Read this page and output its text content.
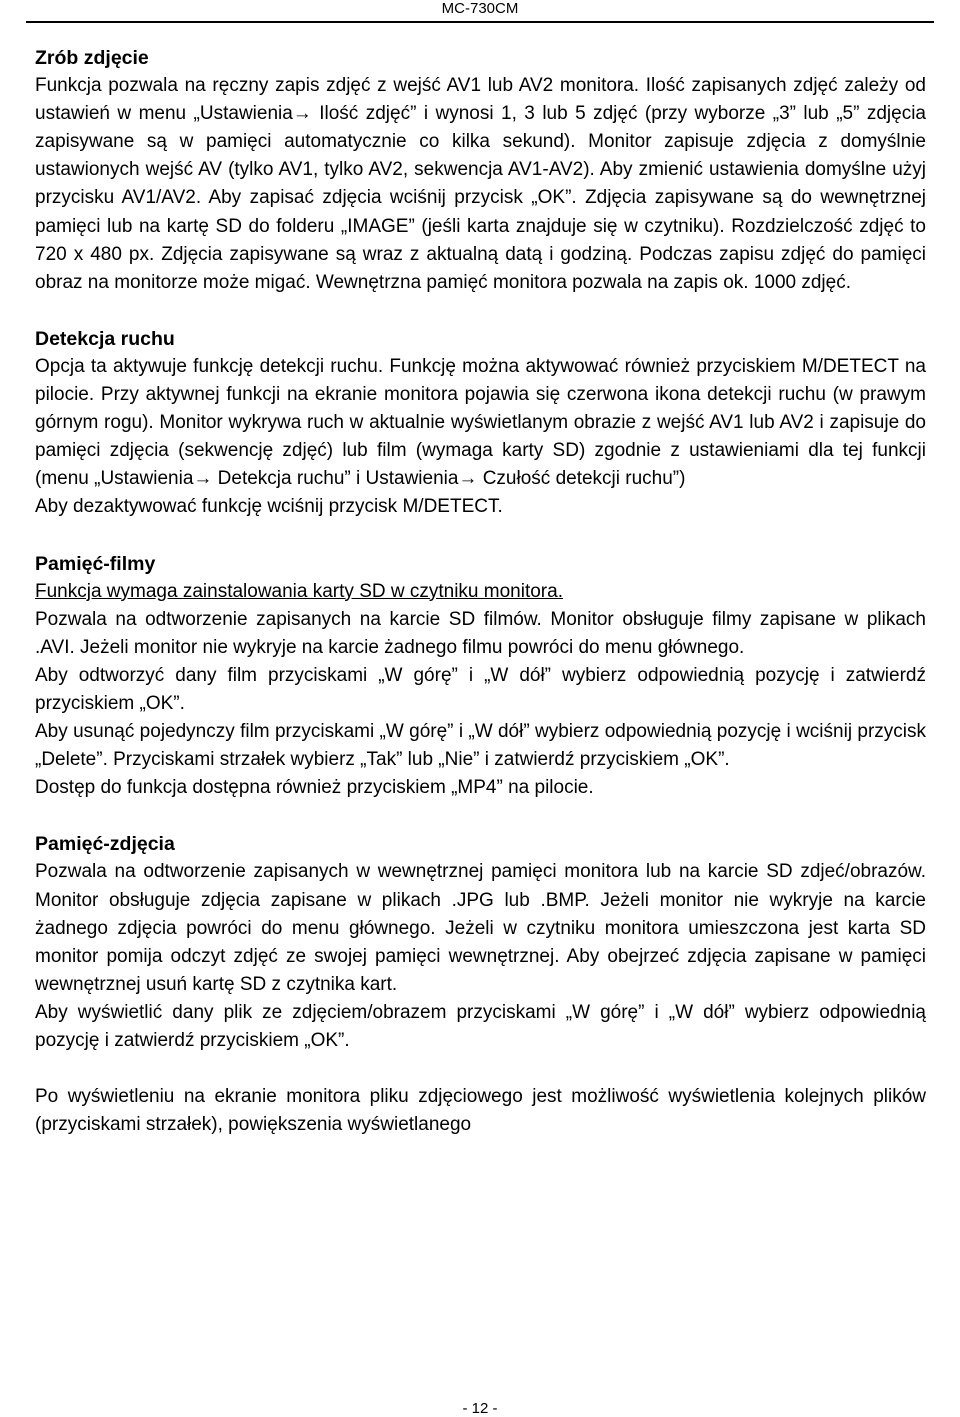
MC-730CM
Zrób zdjęcie
Funkcja pozwala na ręczny zapis zdjęć z wejść AV1 lub AV2 monitora. Ilość zapisanych zdjęć zależy od ustawień w menu „Ustawienia→ Ilość zdjęć” i wynosi 1, 3 lub 5 zdjęć (przy wyborze „3” lub „5” zdjęcia zapisywane są w pamięci automatycznie co kilka sekund). Monitor zapisuje zdjęcia z domyślnie ustawionych wejść AV (tylko AV1, tylko AV2, sekwencja AV1-AV2). Aby zmienić ustawienia domyślne użyj przycisku AV1/AV2. Aby zapisać zdjęcia wciśnij przycisk „OK”. Zdjęcia zapisywane są do wewnętrznej pamięci lub na kartę SD do folderu „IMAGE” (jeśli karta znajduje się w czytniku). Rozdzielczość zdjęć to 720 x 480 px. Zdjęcia zapisywane są wraz z aktualną datą i godziną. Podczas zapisu zdjęć do pamięci obraz na monitorze może migać. Wewnętrzna pamięć monitora pozwala na zapis ok. 1000 zdjęć.
Detekcja ruchu
Opcja ta aktywuje funkcję detekcji ruchu. Funkcję można aktywować również przyciskiem M/DETECT na pilocie. Przy aktywnej funkcji na ekranie monitora pojawia się czerwona ikona detekcji ruchu (w prawym górnym rogu). Monitor wykrywa ruch w aktualnie wyświetlanym obrazie z wejść AV1 lub AV2 i zapisuje do pamięci zdjęcia (sekwencję zdjęć) lub film (wymaga karty SD) zgodnie z ustawieniami dla tej funkcji (menu „Ustawienia→ Detekcja ruchu” i Ustawienia→ Czułość detekcji ruchu”)
Aby dezaktywować funkcję wciśnij przycisk M/DETECT.
Pamięć-filmy
Funkcja wymaga zainstalowania karty SD w czytniku monitora.
Pozwala na odtworzenie zapisanych na karcie SD filmów. Monitor obsługuje filmy zapisane w plikach .AVI. Jeżeli monitor nie wykryje na karcie żadnego filmu powróci do menu głównego.
Aby odtworzyć dany film przyciskami „W górę” i „W dół” wybierz odpowiednią pozycję i zatwierdź przyciskiem „OK”.
Aby usunąć pojedynczy film przyciskami „W górę” i „W dół” wybierz odpowiednią pozycję i wciśnij przycisk „Delete”. Przyciskami strzałek wybierz „Tak” lub „Nie” i zatwierdź przyciskiem „OK”.
Dostęp do funkcja dostępna również przyciskiem „MP4” na pilocie.
Pamięć-zdjęcia
Pozwala na odtworzenie zapisanych w wewnętrznej pamięci monitora lub na karcie SD zdjeć/obrazów. Monitor obsługuje zdjęcia zapisane w plikach .JPG lub .BMP. Jeżeli monitor nie wykryje na karcie żadnego zdjęcia powróci do menu głównego. Jeżeli w czytniku monitora umieszczona jest karta SD monitor pomija odczyt zdjęć ze swojej pamięci wewnętrznej. Aby obejrzeć zdjęcia zapisane w pamięci wewnętrznej usuń kartę SD z czytnika kart.
Aby wyświetlić dany plik ze zdjęciem/obrazem przyciskami „W górę” i „W dół” wybierz odpowiednią pozycję i zatwierdź przyciskiem „OK”.
Po wyświetleniu na ekranie monitora pliku zdjęciowego jest możliwość wyświetlenia kolejnych plików (przyciskami strzałek), powiększenia wyświetlanego
- 12 -
